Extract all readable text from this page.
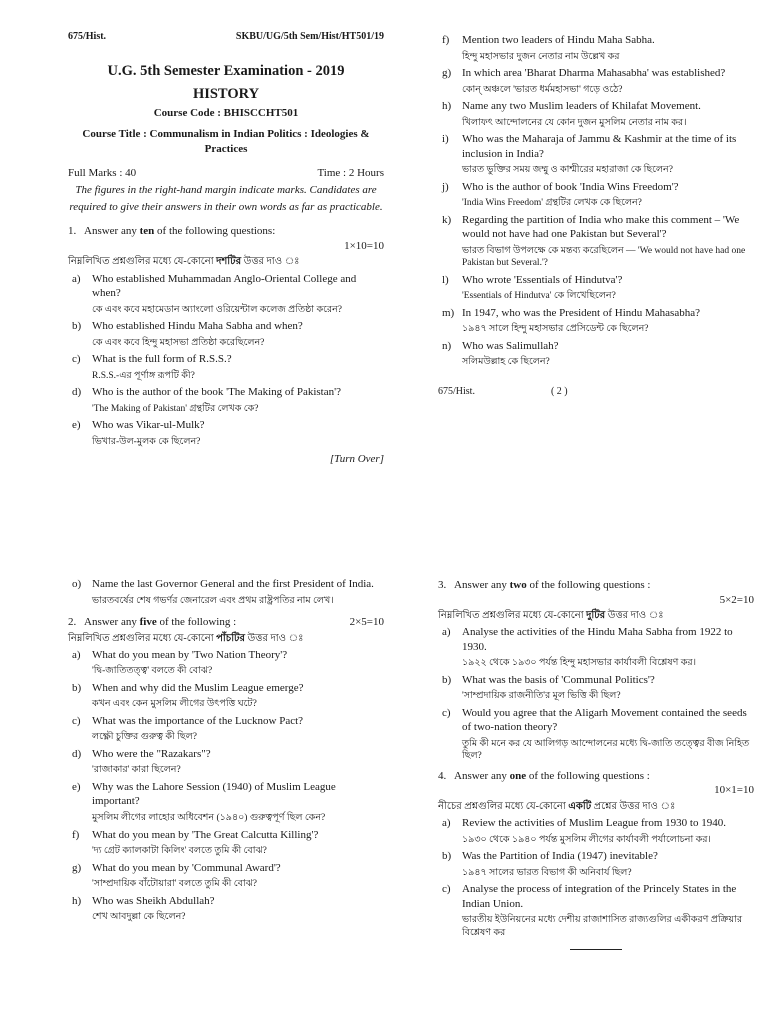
675/Hist.	SKBU/UG/5th Sem/Hist/HT501/19
U.G. 5th Semester Examination - 2019
HISTORY
Course Code : BHISCCHT501
Course Title : Communalism in Indian Politics : Ideologies & Practices
Full Marks : 40	Time : 2 Hours
The figures in the right-hand margin indicate marks. Candidates are required to give their answers in their own words as far as practicable.
1. Answer any ten of the following questions:
1×10=10
নিম্নলিখিত প্রশ্নগুলির মধ্যে যে-কোনো দশটির উত্তর দাও ঃ
a)	Who established Muhammadan Anglo-Oriental College and when?
কে এবং কবে মহামেডান অ্যাংলো ওরিয়েন্টাল কলেজ প্রতিষ্ঠা করেন?
b) Who established Hindu Maha Sabha and when?
কে এবং কবে হিন্দু মহাসভা প্রতিষ্ঠা করেছিলেন?
c)	What is the full form of R.S.S.?
R.S.S.-এর পূর্ণাঙ্গ রূপটি কী?
d) Who is the author of the book 'The Making of Pakistan'?
'The Making of Pakistan' গ্রন্থটির লেখক কে?
e)	Who was Vikar-ul-Mulk?
ভিখার-উল-মুলক কে ছিলেন?
[Turn Over]
f)	Mention two leaders of Hindu Maha Sabha.
হিন্দু মহাসভার দুজন নেতার নাম উল্লেখ কর
g) In which area 'Bharat Dharma Mahasabha' was established?
কোন্ অঞ্চলে 'ভারত ধর্মমহাসভা' গড়ে ওঠে?
h) Name any two Muslim leaders of Khilafat Movement.
খিলাফৎ আন্দোলনের যে কোন দুজন মুসলিম নেতার নাম কর।
i)	Who was the Maharaja of Jammu & Kashmir at the time of its inclusion in India?
ভারত ভুক্তির সময় জম্মু ও কাশ্মীরের মহারাজা কে ছিলেন?
j)	Who is the author of book 'India Wins Freedom'?
'India Wins Freedom' গ্রন্থটির লেখক কে ছিলেন?
k) Regarding the partition of India who make this comment – 'We would not have had one Pakistan but Several'?
ভারত বিভাগ উপলক্ষে কে মন্তব্য করেছিলেন — 'We would not have had one Pakistan but Several.'?
l)	Who wrote 'Essentials of Hindutva'?
'Essentials of Hindutva' কে লিখেছিলেন?
m) In 1947, who was the President of Hindu Mahasabha?
১৯৪৭ সালে হিন্দু মহাসভার প্রেসিডেন্ট কে ছিলেন?
n) Who was Salimullah?
সলিমউল্লাহ কে ছিলেন?
675/Hist.	( 2 )
o) Name the last Governor General and the first President of India.
ভারতবর্ষের শেষ গভর্ণর জেনারেল এবং প্রথম রাষ্ট্রপতির নাম লেখ।
2. Answer any five of the following :	2×5=10
নিম্নলিখিত প্রশ্নগুলির মধ্যে যে-কোনো পাঁচটির উত্তর দাও ঃ
a)	What do you mean by 'Two Nation Theory'?
'দ্বি-জাতিতত্ত্ব' বলতে কী বোঝ?
b) When and why did the Muslim League emerge?
কখন এবং কেন মুসলিম লীগের উৎপত্তি ঘটে?
c)	What was the importance of the Lucknow Pact?
লক্ষ্ণৌ চুক্তির গুরুত্ব কী ছিল?
d) Who were the "Razakars"?
'রাজাকার' কারা ছিলেন?
e)	Why was the Lahore Session (1940) of Muslim League important?
মুসলিম লীগের লাহোর অধিবেশন (১৯৪০) গুরুত্বপূর্ণ ছিল কেন?
f)	What do you mean by 'The Great Calcutta Killing'?
'দ্য গ্রেট ক্যালকাটা কিলিং' বলতে তুমি কী বোঝ?
g) What do you mean by 'Communal Award'?
'সাম্প্রদায়িক বাঁটোয়ারা' বলতে তুমি কী বোঝ?
h) Who was Sheikh Abdullah?
শেখ আবদুল্লা কে ছিলেন?
3. Answer any two of the following questions :
5×2=10
নিম্নলিখিত প্রশ্নগুলির মধ্যে যে-কোনো দুটির উত্তর দাও ঃ
a)	Analyse the activities of the Hindu Maha Sabha from 1922 to 1930.
১৯২২ থেকে ১৯৩০ পর্যন্ত হিন্দু মহাসভার কার্যাবলী বিশ্লেষণ কর।
b) What was the basis of 'Communal Politics'?
'সাম্প্রদায়িক রাজনীতি'র মূল ভিত্তি কী ছিল?
c)	Would you agree that the Aligarh Movement contained the seeds of two-nation theory?
তুমি কী মনে কর যে আলিগড় আন্দোলনের মধ্যে দ্বি-জাতি তত্ত্বের বীজ নিহিত ছিল?
4. Answer any one of the following questions :
10×1=10
নীচের প্রশ্নগুলির মধ্যে যে-কোনো একটি প্রশ্নের উত্তর দাও ঃ
a)	Review the activities of Muslim League from 1930 to 1940.
১৯৩০ থেকে ১৯৪০ পর্যন্ত মুসলিম লীগের কার্যাবলী পর্যালোচনা কর।
b) Was the Partition of India (1947) inevitable?
১৯৪৭ সালের ভারত বিভাগ কী অনিবার্য ছিল?
c)	Analyse the process of integration of the Princely States in the Indian Union.
ভারতীয় ইউনিয়নের মধ্যে দেশীয় রাজাশাসিত রাজ্যগুলির একীকরণ প্রক্রিয়ার বিশ্লেষণ কর
